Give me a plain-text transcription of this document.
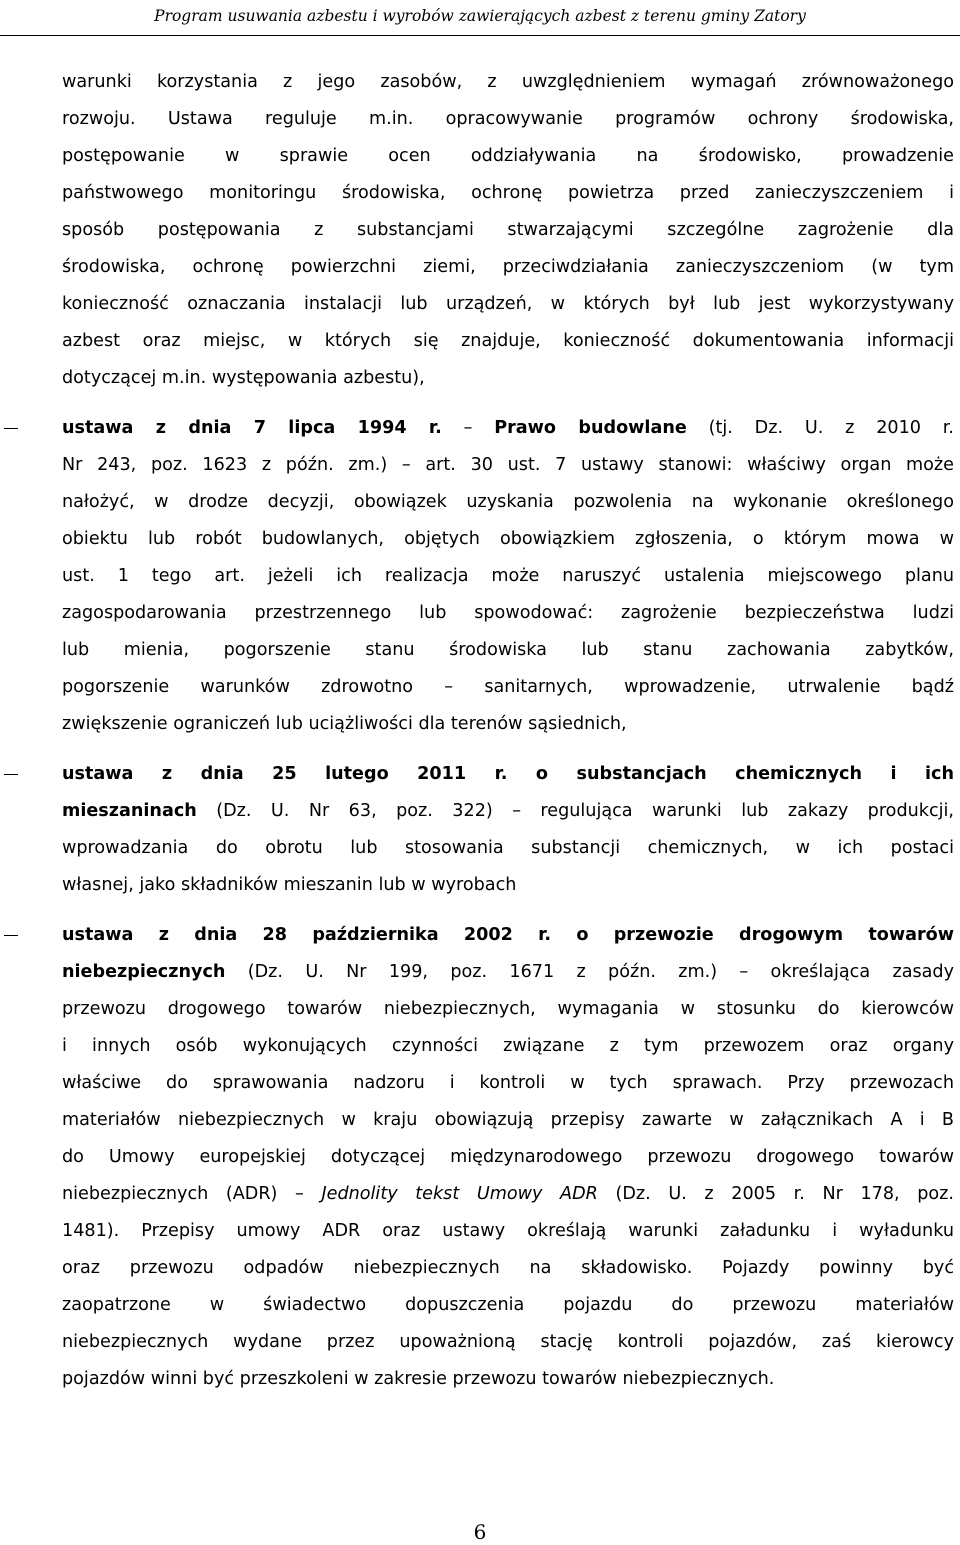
Program usuwania azbestu i wyrobów zawierających azbest z terenu gminy Zatory
warunki korzystania z jego zasobów, z uwzględnieniem wymagań zrównoważonego
rozwoju. Ustawa reguluje m.in. opracowywanie programów ochrony środowiska,
postępowanie w sprawie ocen oddziaływania na środowisko, prowadzenie
państwowego monitoringu środowiska, ochronę powietrza przed zanieczyszczeniem i
sposób postępowania z substancjami stwarzającymi szczególne zagrożenie dla
środowiska, ochronę powierzchni ziemi, przeciwdziałania zanieczyszczeniom (w tym
konieczność oznaczania instalacji lub urządzeń, w których był lub jest wykorzystywany
azbest oraz miejsc, w których się znajduje, konieczność dokumentowania informacji
dotyczącej m.in. występowania azbestu),
ustawa z dnia 7 lipca 1994 r. – Prawo budowlane (tj. Dz. U. z 2010 r.
Nr 243, poz. 1623 z późn. zm.) – art. 30 ust. 7 ustawy stanowi: właściwy organ może
nałożyć, w drodze decyzji, obowiązek uzyskania pozwolenia na wykonanie określonego
obiektu lub robót budowlanych, objętych obowiązkiem zgłoszenia, o którym mowa w
ust. 1 tego art. jeżeli ich realizacja może naruszyć ustalenia miejscowego planu
zagospodarowania przestrzennego lub spowodować: zagrożenie bezpieczeństwa ludzi
lub mienia, pogorszenie stanu środowiska lub stanu zachowania zabytków,
pogorszenie warunków zdrowotno – sanitarnych, wprowadzenie, utrwalenie bądź
zwiększenie ograniczeń lub uciążliwości dla terenów sąsiednich,
ustawa z dnia 25 lutego 2011 r. o substancjach chemicznych i ich
mieszaninach (Dz. U. Nr 63, poz. 322) – regulująca warunki lub zakazy produkcji,
wprowadzania do obrotu lub stosowania substancji chemicznych, w ich postaci
własnej, jako składników mieszanin lub w wyrobach
ustawa z dnia 28 października 2002 r. o przewozie drogowym towarów
niebezpiecznych (Dz. U. Nr 199, poz. 1671 z późn. zm.) – określająca zasady
przewozu drogowego towarów niebezpiecznych, wymagania w stosunku do kierowców
i innych osób wykonujących czynności związane z tym przewozem oraz organy
właściwe do sprawowania nadzoru i kontroli w tych sprawach. Przy przewozach
materiałów niebezpiecznych w kraju obowiązują przepisy zawarte w załącznikach A i B
do Umowy europejskiej dotyczącej międzynarodowego przewozu drogowego towarów
niebezpiecznych (ADR) – Jednolity tekst Umowy ADR (Dz. U. z 2005 r. Nr 178, poz.
1481). Przepisy umowy ADR oraz ustawy określają warunki załadunku i wyładunku
oraz przewozu odpadów niebezpiecznych na składowisko. Pojazdy powinny być
zaopatrzone w świadectwo dopuszczenia pojazdu do przewozu materiałów
niebezpiecznych wydane przez upoważnioną stację kontroli pojazdów, zaś kierowcy
pojazdów winni być przeszkoleni w zakresie przewozu towarów niebezpiecznych.
6
